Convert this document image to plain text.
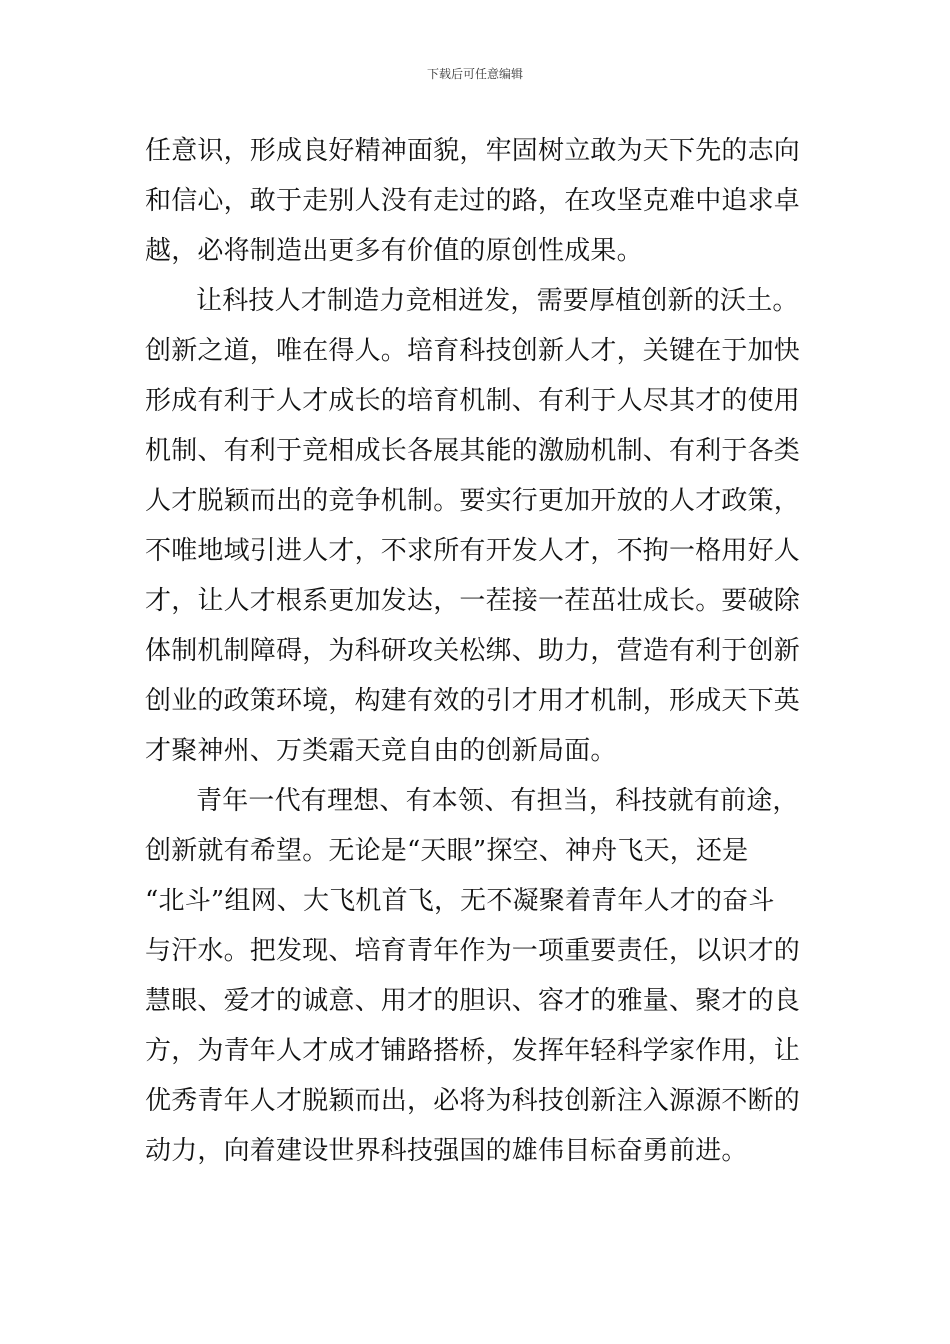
下载后可任意编辑
任意识，形成良好精神面貌，牢固树立敢为天下先的志向
和信心，敢于走别人没有走过的路，在攻坚克难中追求卓
越，必将制造出更多有价值的原创性成果。
让科技人才制造力竞相迸发，需要厚植创新的沃土。
创新之道，唯在得人。培育科技创新人才，关键在于加快
形成有利于人才成长的培育机制、有利于人尽其才的使用
机制、有利于竞相成长各展其能的激励机制、有利于各类
人才脱颖而出的竞争机制。要实行更加开放的人才政策，
不唯地域引进人才，不求所有开发人才，不拘一格用好人
才，让人才根系更加发达，一茬接一茬茁壮成长。要破除
体制机制障碍，为科研攻关松绑、助力，营造有利于创新
创业的政策环境，构建有效的引才用才机制，形成天下英
才聚神州、万类霜天竞自由的创新局面。
青年一代有理想、有本领、有担当，科技就有前途，
创新就有希望。无论是“天眼”探空、神舟飞天，还是
“北斗”组网、大飞机首飞，无不凝聚着青年人才的奋斗
与汗水。把发现、培育青年作为一项重要责任，以识才的
慧眼、爱才的诚意、用才的胆识、容才的雅量、聚才的良
方，为青年人才成才铺路搭桥，发挥年轻科学家作用，让
优秀青年人才脱颖而出，必将为科技创新注入源源不断的
动力，向着建设世界科技强国的雄伟目标奋勇前进。
